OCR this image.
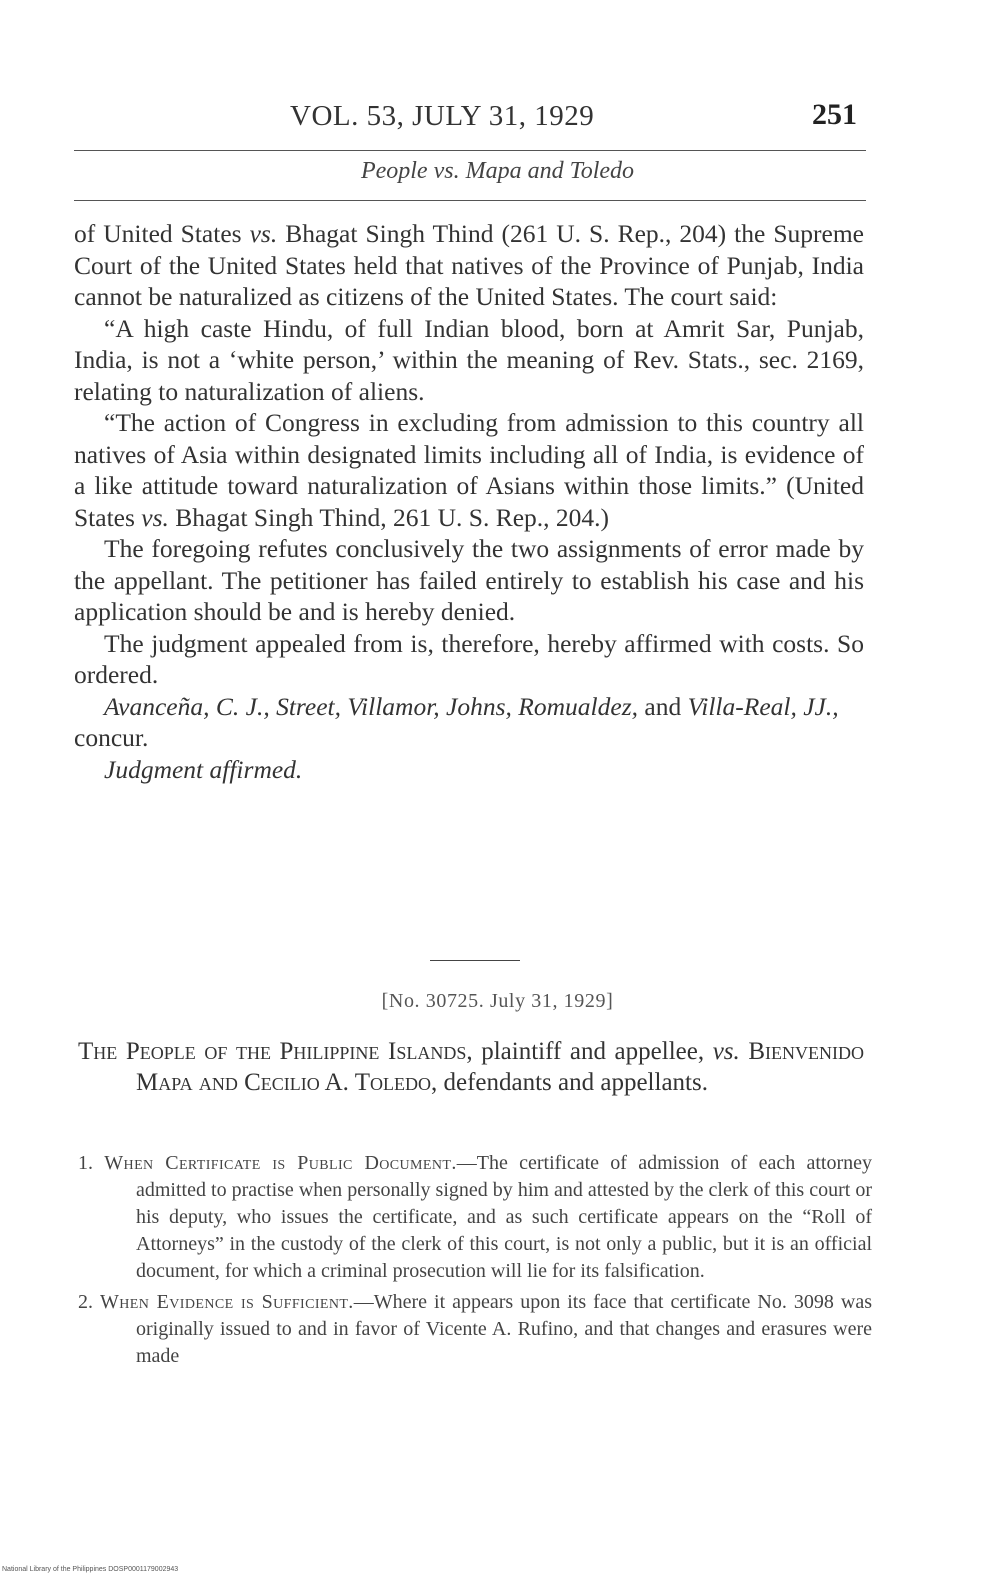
VOL. 53, JULY 31, 1929	251
People vs. Mapa and Toledo

of United States vs. Bhagat Singh Thind (261 U. S. Rep., 204) the Supreme Court of the United States held that natives of the Province of Punjab, India cannot be naturalized as citizens of the United States. The court said:

“A high caste Hindu, of full Indian blood, born at Amrit Sar, Punjab, India, is not a ‘white person,’ within the meaning of Rev. Stats., sec. 2169, relating to naturalization of aliens.

“The action of Congress in excluding from admission to this country all natives of Asia within designated limits including all of India, is evidence of a like attitude toward naturalization of Asians within those limits.” (United States vs. Bhagat Singh Thind, 261 U. S. Rep., 204.)

The foregoing refutes conclusively the two assignments of error made by the appellant. The petitioner has failed entirely to establish his case and his application should be and is hereby denied.

The judgment appealed from is, therefore, hereby affirmed with costs. So ordered.

Avanceña, C. J., Street, Villamor, Johns, Romualdez, and Villa-Real, JJ., concur.

Judgment affirmed.

[No. 30725. July 31, 1929]
The People of the Philippine Islands, plaintiff and appellee, vs. Bienvenido Mapa and Cecilio A. Toledo, defendants and appellants.

1. When Certificate is Public Document.—The certificate of admission of each attorney admitted to practise when personally signed by him and attested by the clerk of this court or his deputy, who issues the certificate, and as such certificate appears on the “Roll of Attorneys” in the custody of the clerk of this court, is not only a public, but it is an official document, for which a criminal prosecution will lie for its falsification.

2. When Evidence is Sufficient.—Where it appears upon its face that certificate No. 3098 was originally issued to and in favor of Vicente A. Rufino, and that changes and erasures were made

National Library of the Philippines DOSP0001179002943
